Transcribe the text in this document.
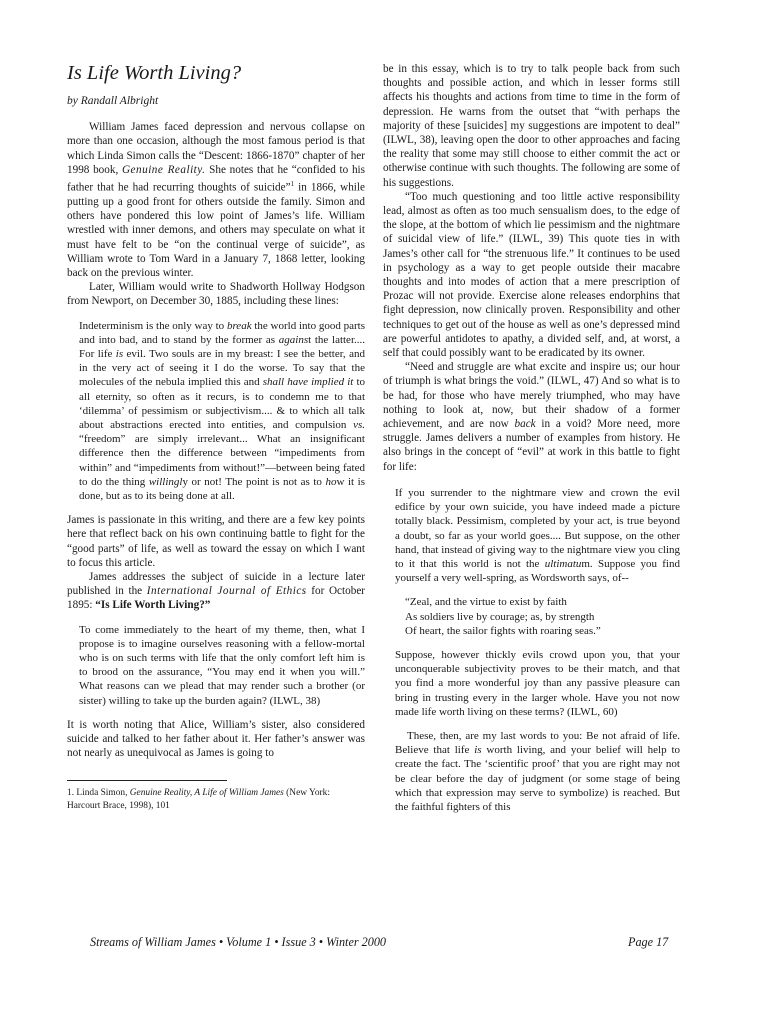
Is Life Worth Living?
by Randall Albright

William James faced depression and nervous collapse on more than one occasion, although the most famous period is that which Linda Simon calls the “Descent: 1866-1870” chapter of her 1998 book, Genuine Reality. She notes that he “confided to his father that he had recurring thoughts of suicide”$^1$ in 1866, while putting up a good front for others outside the family. Simon and others have pondered this low point of James’s life. William wrestled with inner demons, and others may speculate on what it must have felt to be “on the continual verge of suicide”, as William wrote to Tom Ward in a January 7, 1868 letter, looking back on the previous winter.

Later, William would write to Shadworth Hollway Hodgson from Newport, on December 30, 1885, including these lines:

Indeterminism is the only way to break the world into good parts and into bad, and to stand by the former as against the latter.... For life is evil. Two souls are in my breast: I see the better, and in the very act of seeing it I do the worse. To say that the molecules of the nebula implied this and shall have implied it to all eternity, so often as it recurs, is to condemn me to that ‘dilemma’ of pessimism or subjectivism.... & to which all talk about abstractions erected into entities, and compulsion vs. “freedom” are simply irrelevant... What an insignificant difference then the difference between “impediments from within” and “impediments from without!”—between being fated to do the thing willingly or not! The point is not as to how it is done, but as to its being done at all.

James is passionate in this writing, and there are a few key points here that reflect back on his own continuing battle to fight for the “good parts” of life, as well as toward the essay on which I want to focus this article.

James addresses the subject of suicide in a lecture later published in the International Journal of Ethics for October 1895: “Is Life Worth Living?”

To come immediately to the heart of my theme, then, what I propose is to imagine ourselves reasoning with a fellow-mortal who is on such terms with life that the only comfort left him is to brood on the assurance, “You may end it when you will.” What reasons can we plead that may render such a brother (or sister) willing to take up the burden again? (ILWL, 38)

It is worth noting that Alice, William’s sister, also considered suicide and talked to her father about it. Her father’s answer was not nearly as unequivocal as James is going to

1. Linda Simon, Genuine Reality, A Life of William James (New York: Harcourt Brace, 1998), 101

be in this essay, which is to try to talk people back from such thoughts and possible action, and which in lesser forms still affects his thoughts and actions from time to time in the form of depression. He warns from the outset that “with perhaps the majority of these [suicides] my suggestions are impotent to deal” (ILWL, 38), leaving open the door to other approaches and facing the reality that some may still choose to either commit the act or otherwise continue with such thoughts. The following are some of his suggestions.

“Too much questioning and too little active responsibility lead, almost as often as too much sensualism does, to the edge of the slope, at the bottom of which lie pessimism and the nightmare of suicidal view of life.” (ILWL, 39) This quote ties in with James’s other call for “the strenuous life.” It continues to be used in psychology as a way to get people outside their macabre thoughts and into modes of action that a mere prescription of Prozac will not provide. Exercise alone releases endorphins that fight depression, now clinically proven. Responsibility and other techniques to get out of the house as well as one’s depressed mind are powerful antidotes to apathy, a divided self, and, at worst, a self that could possibly want to be eradicated by its owner.

“Need and struggle are what excite and inspire us; our hour of triumph is what brings the void.” (ILWL, 47) And so what is to be had, for those who have merely triumphed, who may have nothing to look at, now, but their shadow of a former achievement, and are now back in a void? More need, more struggle. James delivers a number of examples from history. He also brings in the concept of “evil” at work in this battle to fight for life:

If you surrender to the nightmare view and crown the evil edifice by your own suicide, you have indeed made a picture totally black. Pessimism, completed by your act, is true beyond a doubt, so far as your world goes.... But suppose, on the other hand, that instead of giving way to the nightmare view you cling to it that this world is not the ultimatum. Suppose you find yourself a very well-spring, as Wordsworth says, of--

“Zeal, and the virtue to exist by faith

As soldiers live by courage; as, by strength

Of heart, the sailor fights with roaring seas.”

Suppose, however thickly evils crowd upon you, that your unconquerable subjectivity proves to be their match, and that you find a more wonderful joy than any passive pleasure can bring in trusting every in the larger whole. Have you not now made life worth living on these terms? (ILWL, 60)

These, then, are my last words to you: Be not afraid of life. Believe that life is worth living, and your belief will help to create the fact. The ‘scientific proof’ that you are right may not be clear before the day of judgment (or some stage of being which that expression may serve to symbolize) is reached. But the faithful fighters of this

Streams of William James • Volume 1 • Issue 3 • Winter 2000	Page 17
